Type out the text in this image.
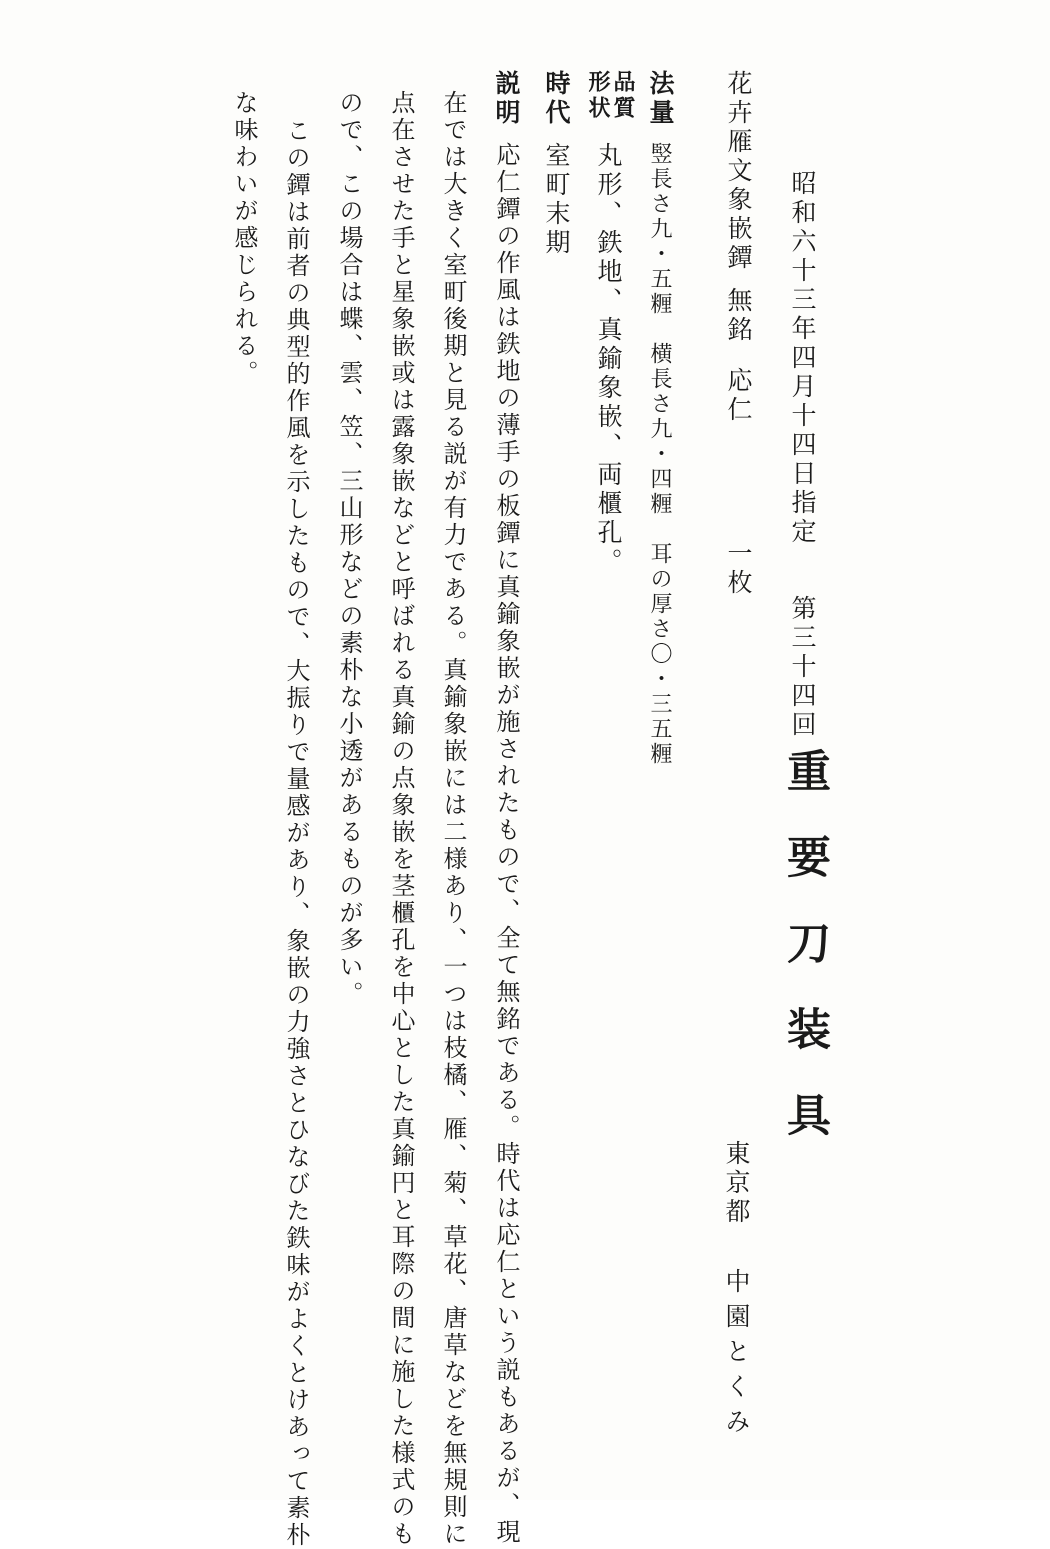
昭和六十三年四月十四日指定
第三十四回
重要刀装具
東京都
中園とくみ
花卉雁文象嵌鐔
無銘
応仁
一枚
法量
竪長さ九・五糎　横長さ九・四糎　耳の厚さ〇・三五糎
品質
形状
丸形、鉄地、真鍮象嵌、両櫃孔。
時代
室町末期
説明
応仁鐔の作風は鉄地の薄手の板鐔に真鍮象嵌が施されたもので、全て無銘である。時代は応仁という説もあるが、現
在では大きく室町後期と見る説が有力である。真鍮象嵌には二様あり、一つは枝橘、雁、菊、草花、唐草などを無規則に
点在させた手と星象嵌或は露象嵌などと呼ばれる真鍮の点象嵌を茎櫃孔を中心とした真鍮円と耳際の間に施した様式のも
ので、この場合は蝶、雲、笠、三山形などの素朴な小透があるものが多い。
この鐔は前者の典型的作風を示したもので、大振りで量感があり、象嵌の力強さとひなびた鉄味がよくとけあって素朴
な味わいが感じられる。
